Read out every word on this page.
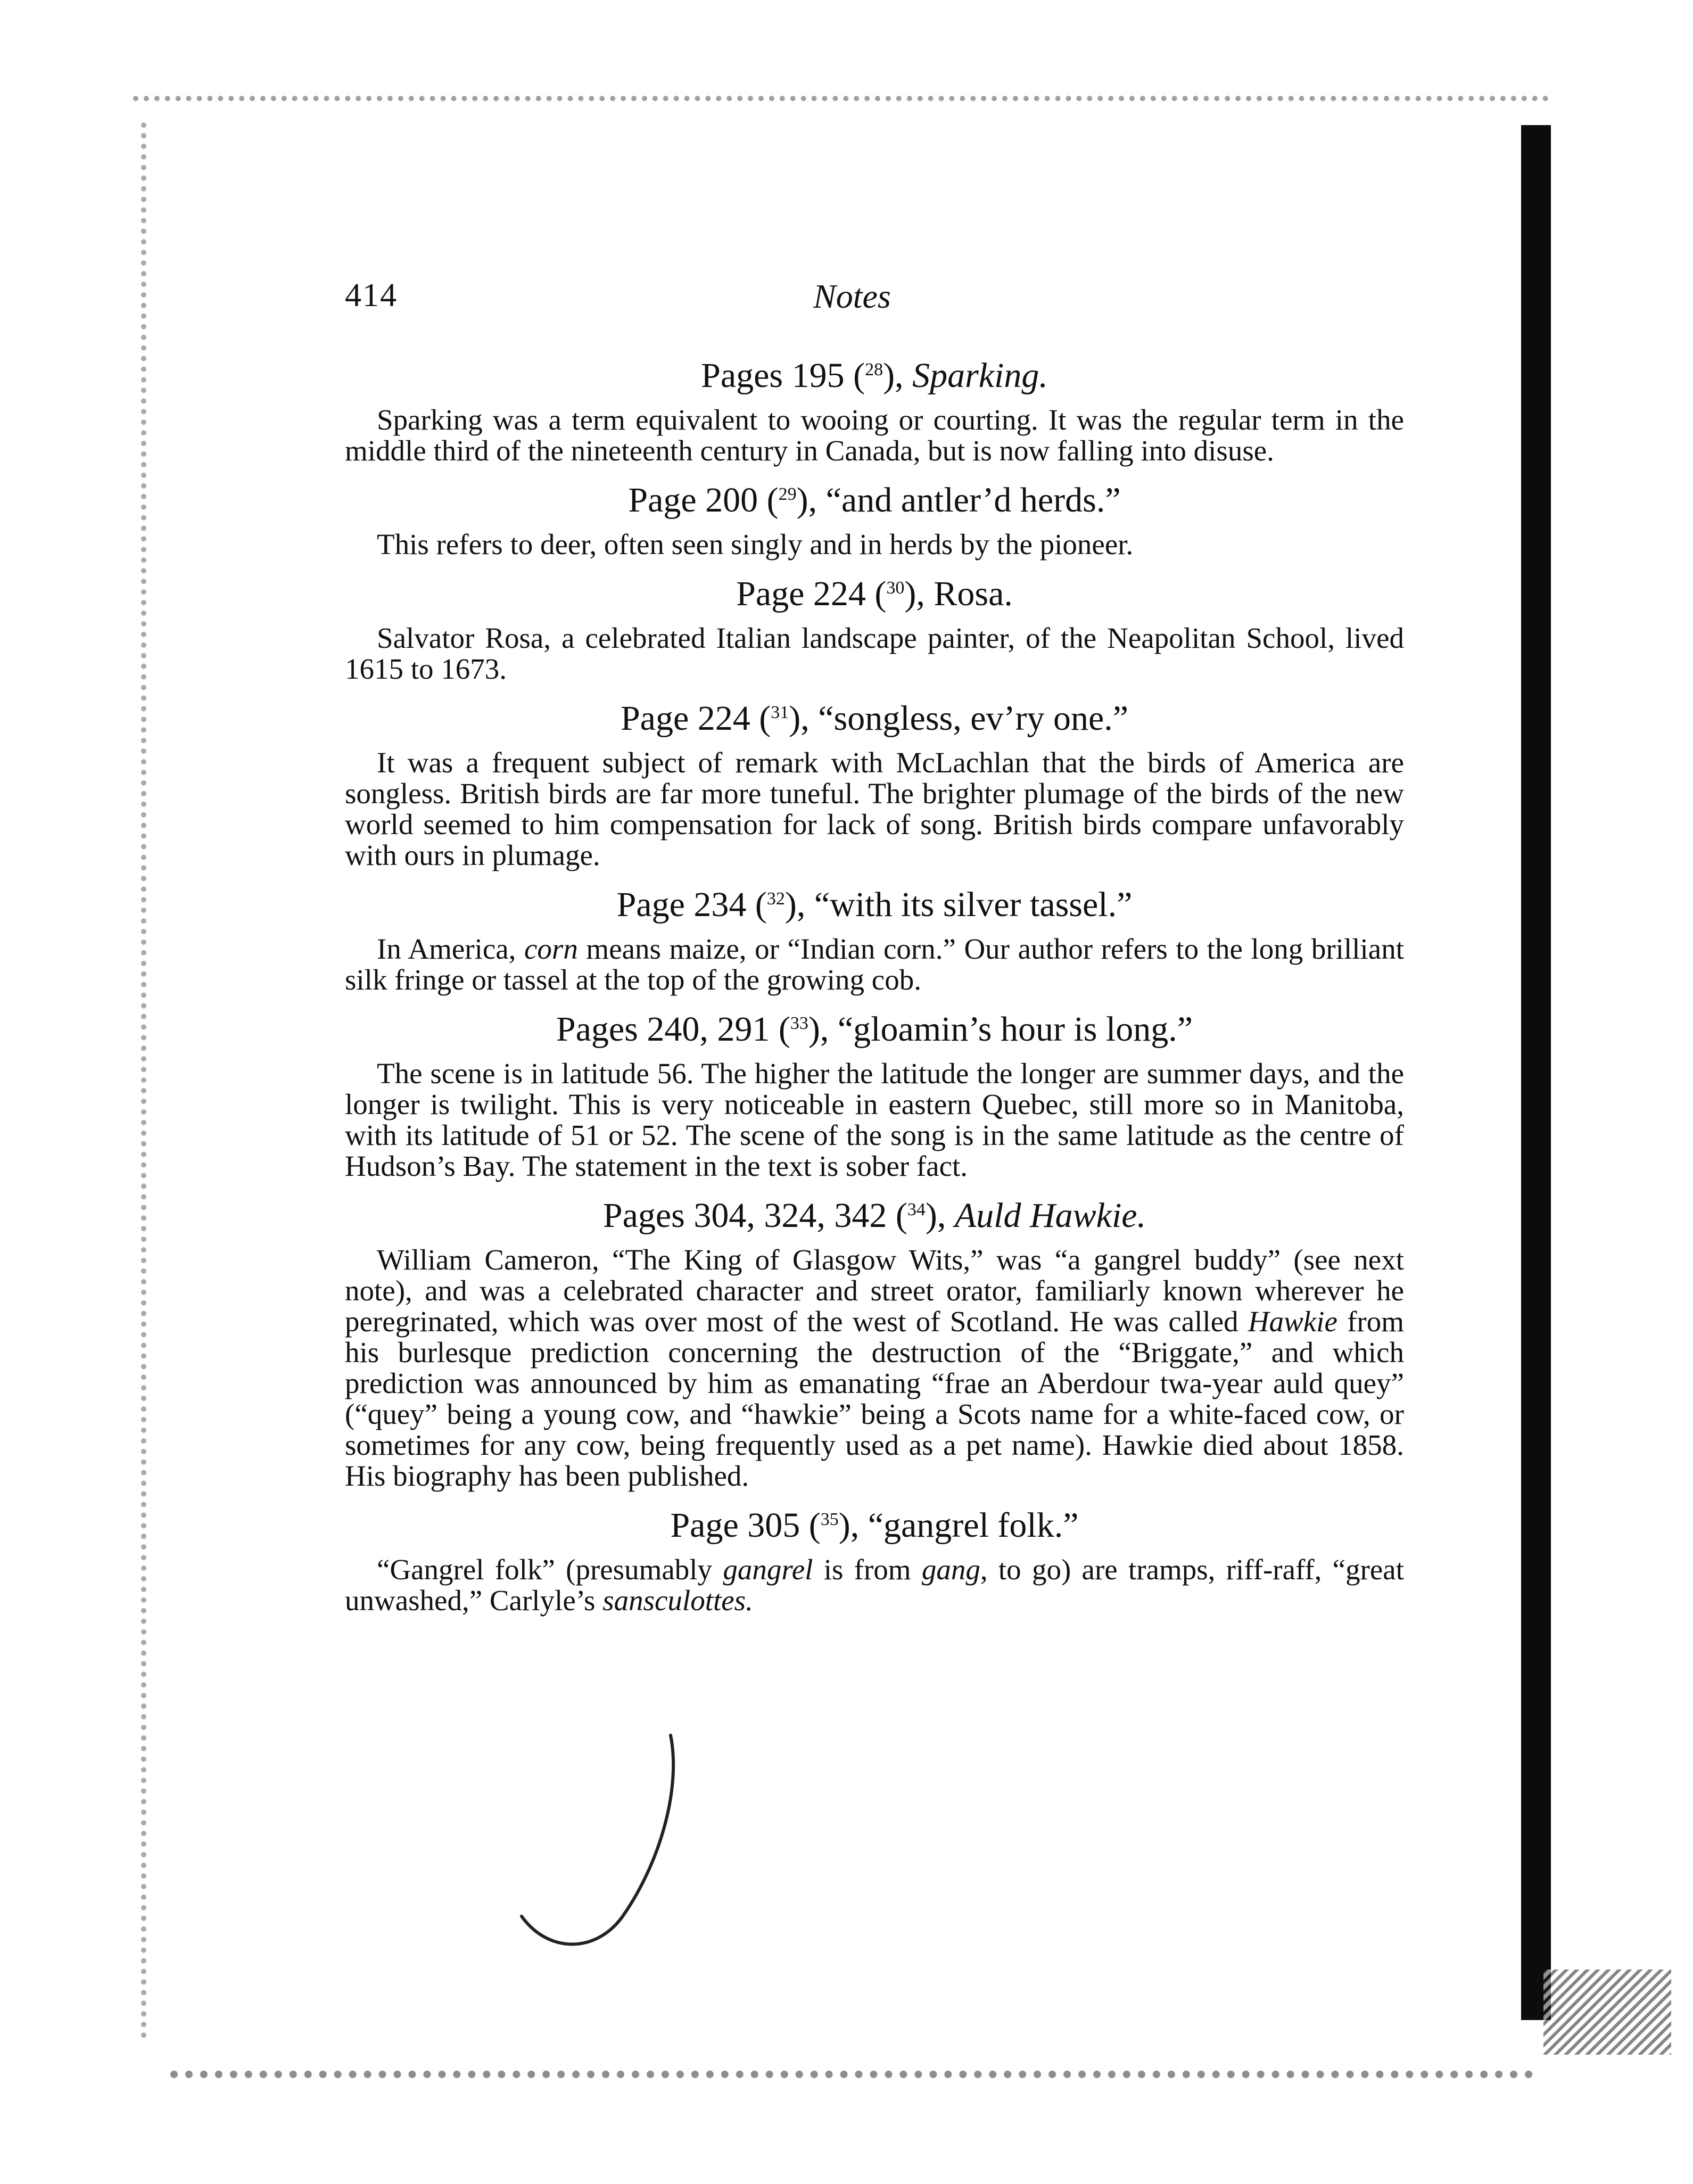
414	Notes

Pages 195 ($^{28}$), Sparking.

Sparking was a term equivalent to wooing or courting. It was the regular term in the middle third of the nineteenth century in Canada, but is now falling into disuse.

Page 200 ($^{29}$), “and antler’d herds.”

This refers to deer, often seen singly and in herds by the pioneer.

Page 224 ($^{30}$), Rosa.

Salvator Rosa, a celebrated Italian landscape painter, of the Neapolitan School, lived 1615 to 1673.

Page 224 ($^{31}$), “songless, ev’ry one.”

It was a frequent subject of remark with McLachlan that the birds of America are songless. British birds are far more tuneful. The brighter plumage of the birds of the new world seemed to him compensation for lack of song. British birds compare unfavorably with ours in plumage.

Page 234 ($^{32}$), “with its silver tassel.”

In America, corn means maize, or “Indian corn.” Our author refers to the long brilliant silk fringe or tassel at the top of the growing cob.

Pages 240, 291 ($^{33}$), “gloamin’s hour is long.”

The scene is in latitude 56. The higher the latitude the longer are summer days, and the longer is twilight. This is very noticeable in eastern Quebec, still more so in Manitoba, with its latitude of 51 or 52. The scene of the song is in the same latitude as the centre of Hudson’s Bay. The statement in the text is sober fact.

Pages 304, 324, 342 ($^{34}$), Auld Hawkie.

William Cameron, “The King of Glasgow Wits,” was “a gangrel buddy” (see next note), and was a celebrated character and street orator, familiarly known wherever he peregrinated, which was over most of the west of Scotland. He was called Hawkie from his burlesque prediction concerning the destruction of the “Briggate,” and which prediction was announced by him as emanating “frae an Aberdour twa-year auld quey” (“quey” being a young cow, and “hawkie” being a Scots name for a white-faced cow, or sometimes for any cow, being frequently used as a pet name). Hawkie died about 1858. His biography has been published.

Page 305 ($^{35}$), “gangrel folk.”

“Gangrel folk” (presumably gangrel is from gang, to go) are tramps, riff-raff, “great unwashed,” Carlyle’s sansculottes.
